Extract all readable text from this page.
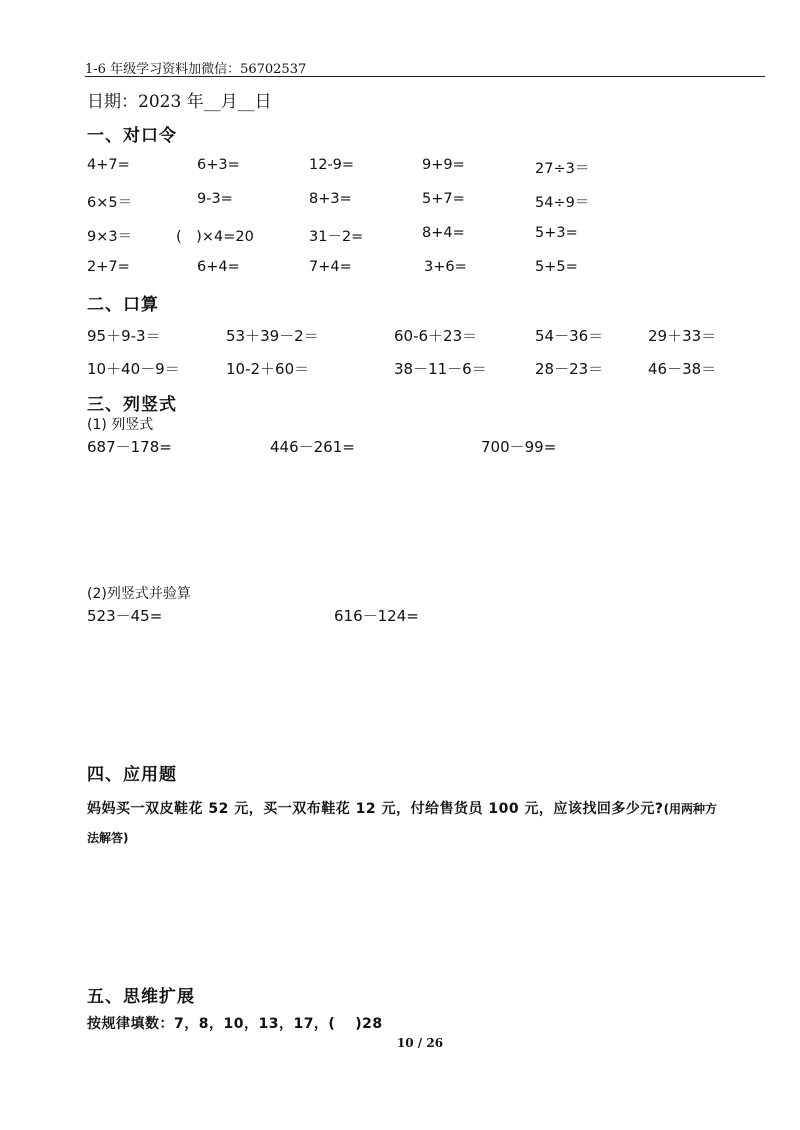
1-6 年级学习资料加微信：56702537
日期：2023 年__月__日
一、对口令
4+7=	6+3=	12-9=	9+9=	27÷3＝
6×5＝	9-3=	8+3=	5+7=	54÷9＝
9×3＝	(　)×4=20	31－2=	8+4=	5+3=
2+7=	6+4=	7+4=	3+6=	5+5=
二、口算
95＋9-3＝	53＋39－2＝	60-6＋23＝	54－36＝	29＋33＝
10＋40－9＝	10-2＋60＝	38－11－6＝	28－23＝	46－38＝
三、列竖式
(1) 列竖式
687－178=	446－261=	700－99=
(2)列竖式并验算
523－45=	616－124=
四、应用题
妈妈买一双皮鞋花 52 元，买一双布鞋花 12 元，付给售货员 100 元，应该找回多少元?(用两种方
法解答)
五、思维扩展
按规律填数：7，8，10，13，17，(　 )28
10 / 26
